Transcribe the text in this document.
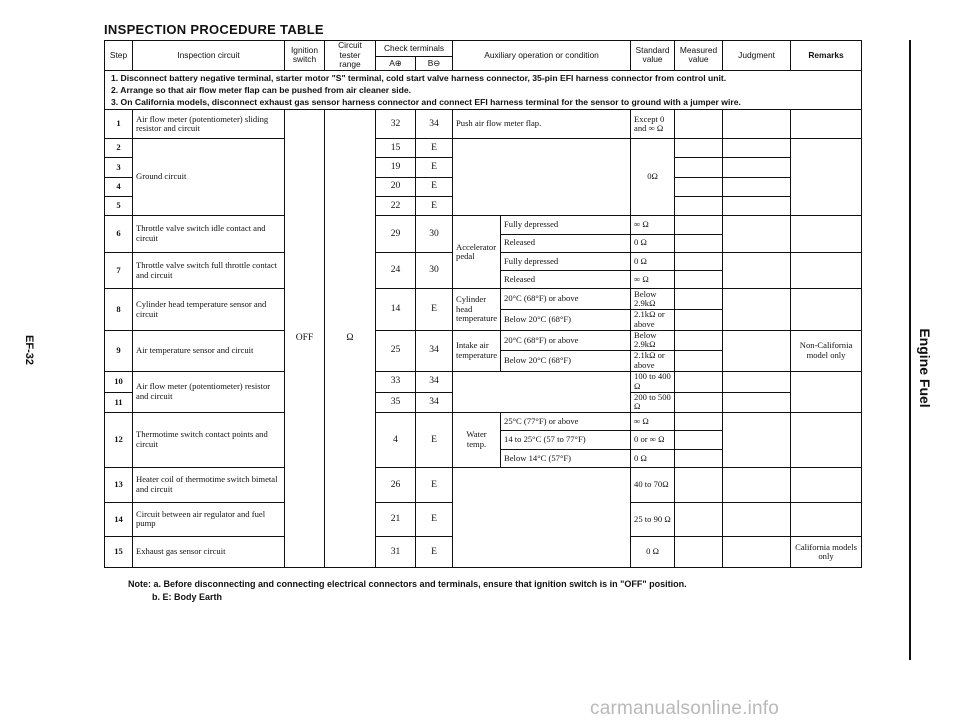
INSPECTION PROCEDURE TABLE
EF-32	Engine Fuel
Step	Inspection circuit	Ignition switch	Circuit tester range	Check terminals		Auxiliary operation or condition		Standard value	Measured value	Judgment	Remarks
				A⊕	B⊖						

1. Disconnect battery negative terminal, starter motor "S" terminal, cold start valve harness connector, 35-pin EFI harness connector from control unit.
2. Arrange so that air flow meter flap can be pushed from air cleaner side.
3. On California models, disconnect exhaust gas sensor harness connector and connect EFI harness terminal for the sensor to ground with a jumper wire.											

1	Air flow meter (potentiometer) sliding resistor and circuit	OFF	Ω	32	34	Push air flow meter flap.		Except 0 and ∞ Ω			
2	Ground circuit			15	E			0Ω			
3				19	E						
4				20	E						
5				22	E						
6	Throttle valve switch idle contact and circuit			29	30	Accelerator pedal	Fully depressed	∞ Ω			
							Released	0 Ω			
7	Throttle valve switch full throttle contact and circuit			24	30		Fully depressed	0 Ω			
							Released	∞ Ω			
8	Cylinder head temperature sensor and circuit			14	E	Cylinder head temperature	20°C (68°F) or above	Below 2.9kΩ			
							Below 20°C (68°F)	2.1kΩ or above			
9	Air temperature sensor and circuit			25	34	Intake air temperature	20°C (68°F) or above	Below 2.9kΩ			Non-California model only
							Below 20°C (68°F)	2.1kΩ or above			
10	Air flow meter (potentiometer) resistor and circuit			33	34			100 to 400 Ω			
11				35	34			200 to 500 Ω			
12	Thermotime switch contact points and circuit			4	E	Water temp.	25°C (77°F) or above	∞ Ω			
							14 to 25°C (57 to 77°F)	0 or ∞ Ω			
							Below 14°C (57°F)	0 Ω			
13	Heater coil of thermotime switch bimetal and circuit			26	E			40 to 70Ω			
14	Circuit between air regulator and fuel pump			21	E			25 to 90 Ω			
15	Exhaust gas sensor circuit			31	E			0 Ω			California models only
Note: a. Before disconnecting and connecting electrical connectors and terminals, ensure that ignition switch is in "OFF" position.
b. E: Body Earth
carmanualsonline.info
